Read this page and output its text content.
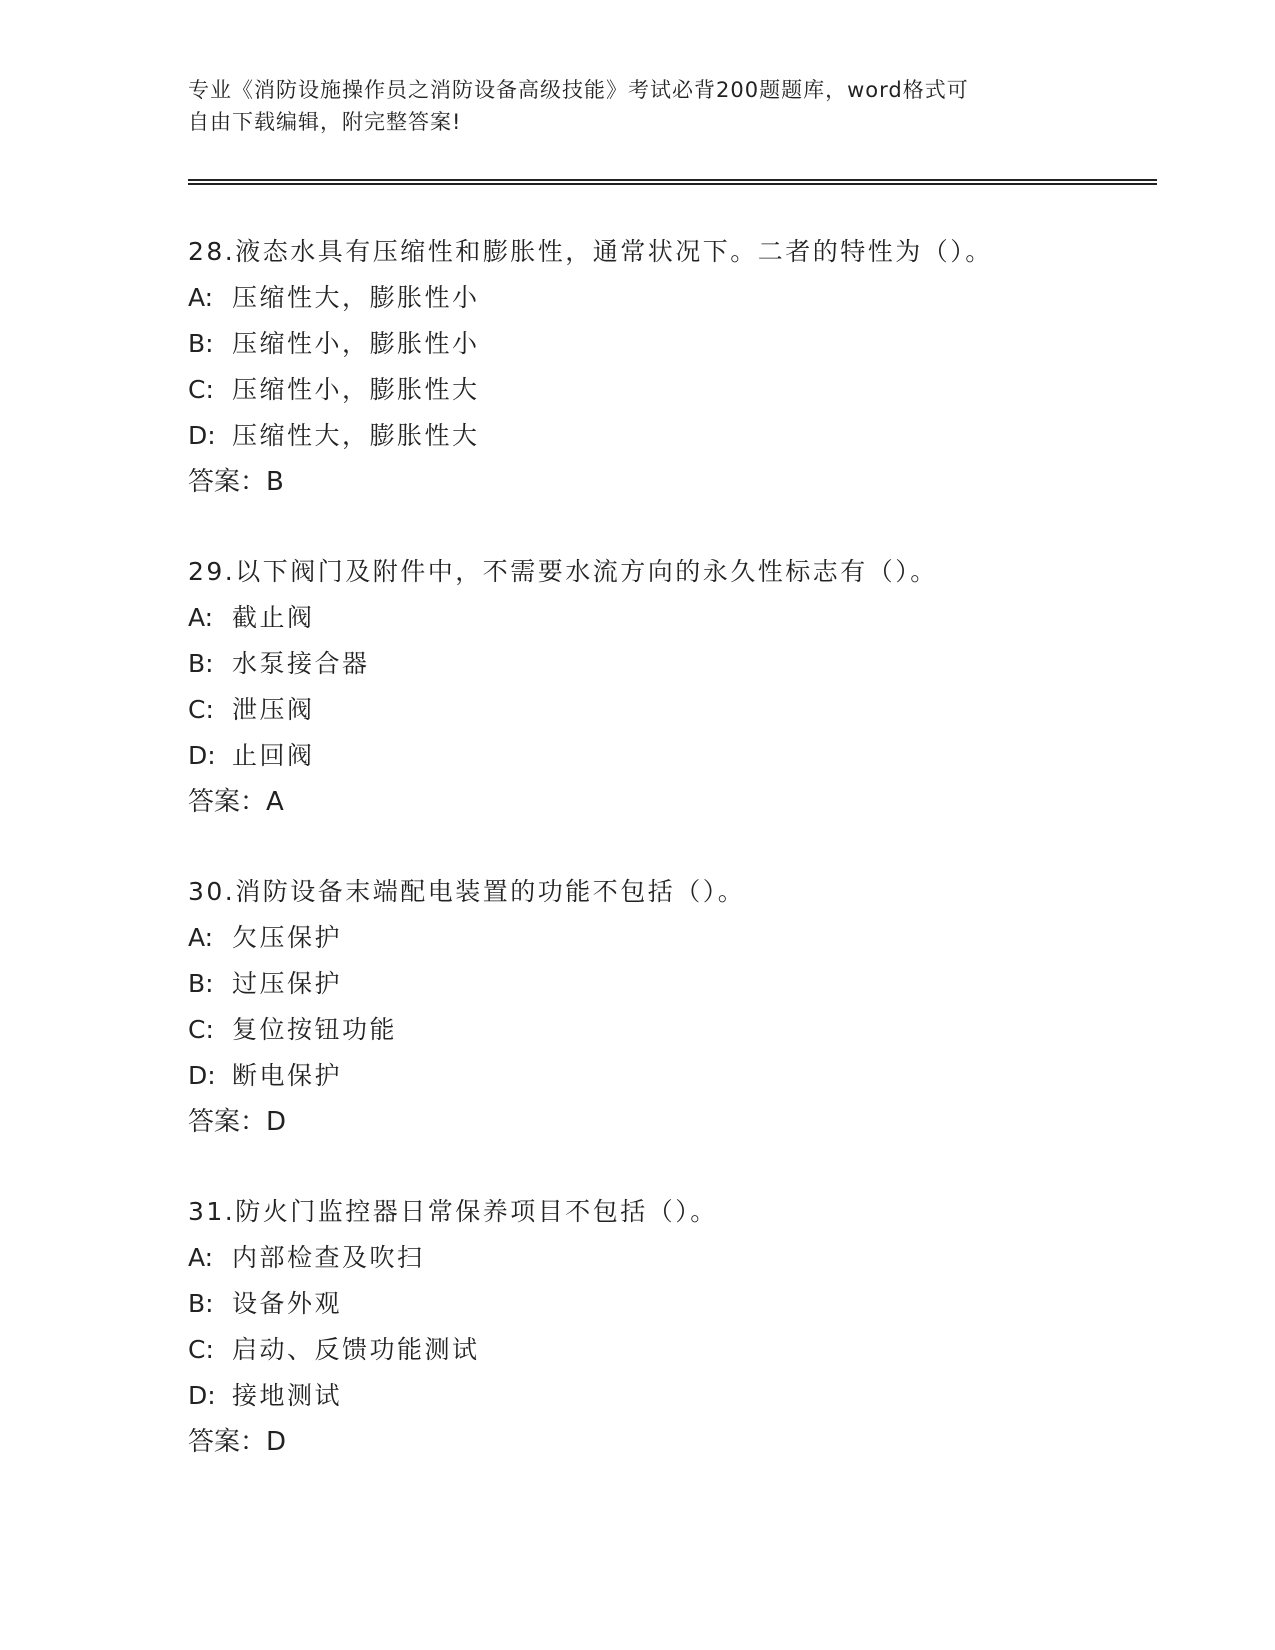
专业《消防设施操作员之消防设备高级技能》考试必背200题题库，word格式可
自由下载编辑，附完整答案!
28.液态水具有压缩性和膨胀性，通常状况下。二者的特性为（）。
A: 压缩性大，膨胀性小
B: 压缩性小，膨胀性小
C: 压缩性小，膨胀性大
D: 压缩性大，膨胀性大
答案：B
29.以下阀门及附件中，不需要水流方向的永久性标志有（）。
A: 截止阀
B: 水泵接合器
C: 泄压阀
D: 止回阀
答案：A
30.消防设备末端配电装置的功能不包括（）。
A: 欠压保护
B: 过压保护
C: 复位按钮功能
D: 断电保护
答案：D
31.防火门监控器日常保养项目不包括（）。
A: 内部检查及吹扫
B: 设备外观
C: 启动、反馈功能测试
D: 接地测试
答案：D
